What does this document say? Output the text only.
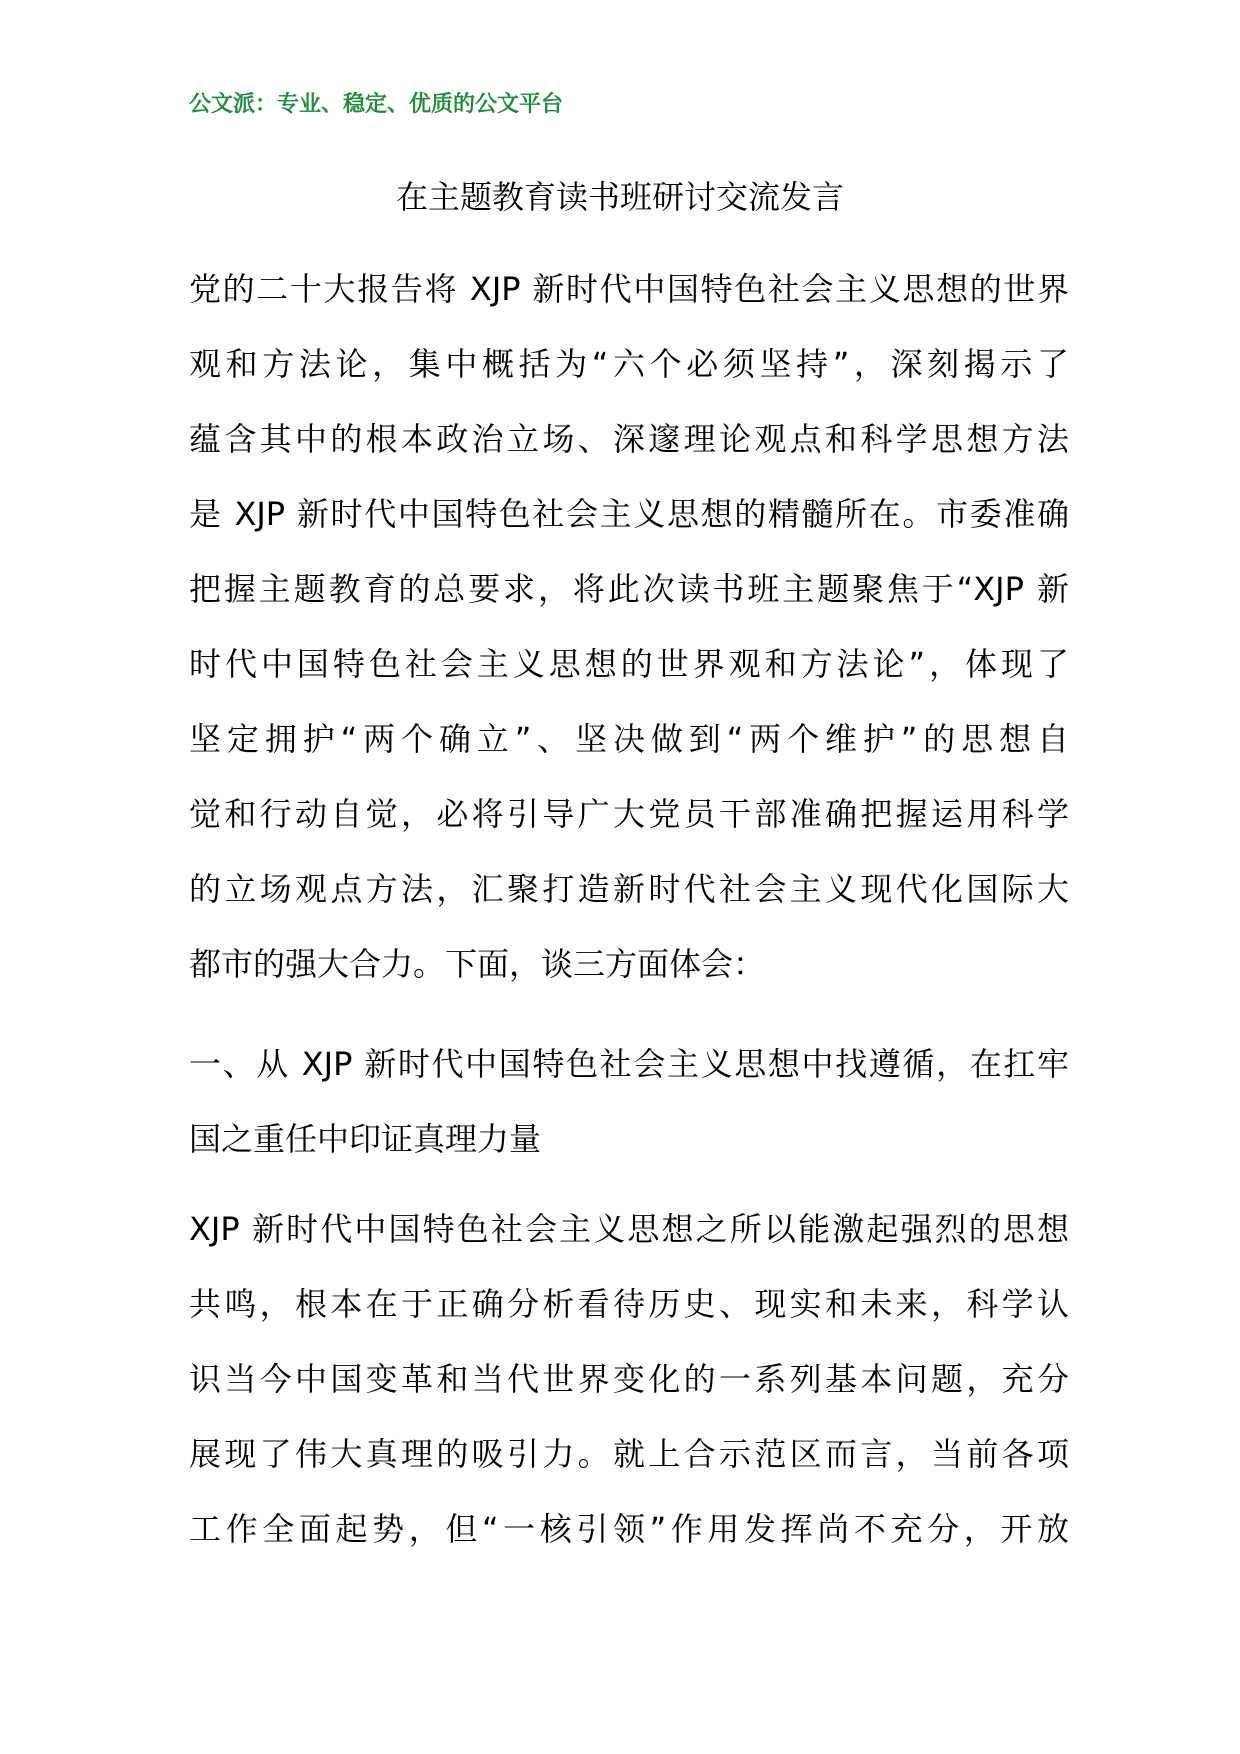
公文派：专业、稳定、优质的公文平台
在主题教育读书班研讨交流发言
党的二十大报告将 XJP 新时代中国特色社会主义思想的世界
观和方法论，集中概括为“六个必须坚持”，深刻揭示了
蕴含其中的根本政治立场、深邃理论观点和科学思想方法
是 XJP 新时代中国特色社会主义思想的精髓所在。市委准确
把握主题教育的总要求，将此次读书班主题聚焦于“XJP 新
时代中国特色社会主义思想的世界观和方法论”，体现了
坚定拥护“两个确立”、坚决做到“两个维护”的思想自
觉和行动自觉，必将引导广大党员干部准确把握运用科学
的立场观点方法，汇聚打造新时代社会主义现代化国际大
都市的强大合力。下面，谈三方面体会：
一、从 XJP 新时代中国特色社会主义思想中找遵循，在扛牢
国之重任中印证真理力量
XJP 新时代中国特色社会主义思想之所以能激起强烈的思想
共鸣，根本在于正确分析看待历史、现实和未来，科学认
识当今中国变革和当代世界变化的一系列基本问题，充分
展现了伟大真理的吸引力。就上合示范区而言，当前各项
工作全面起势，但“一核引领”作用发挥尚不充分，开放
